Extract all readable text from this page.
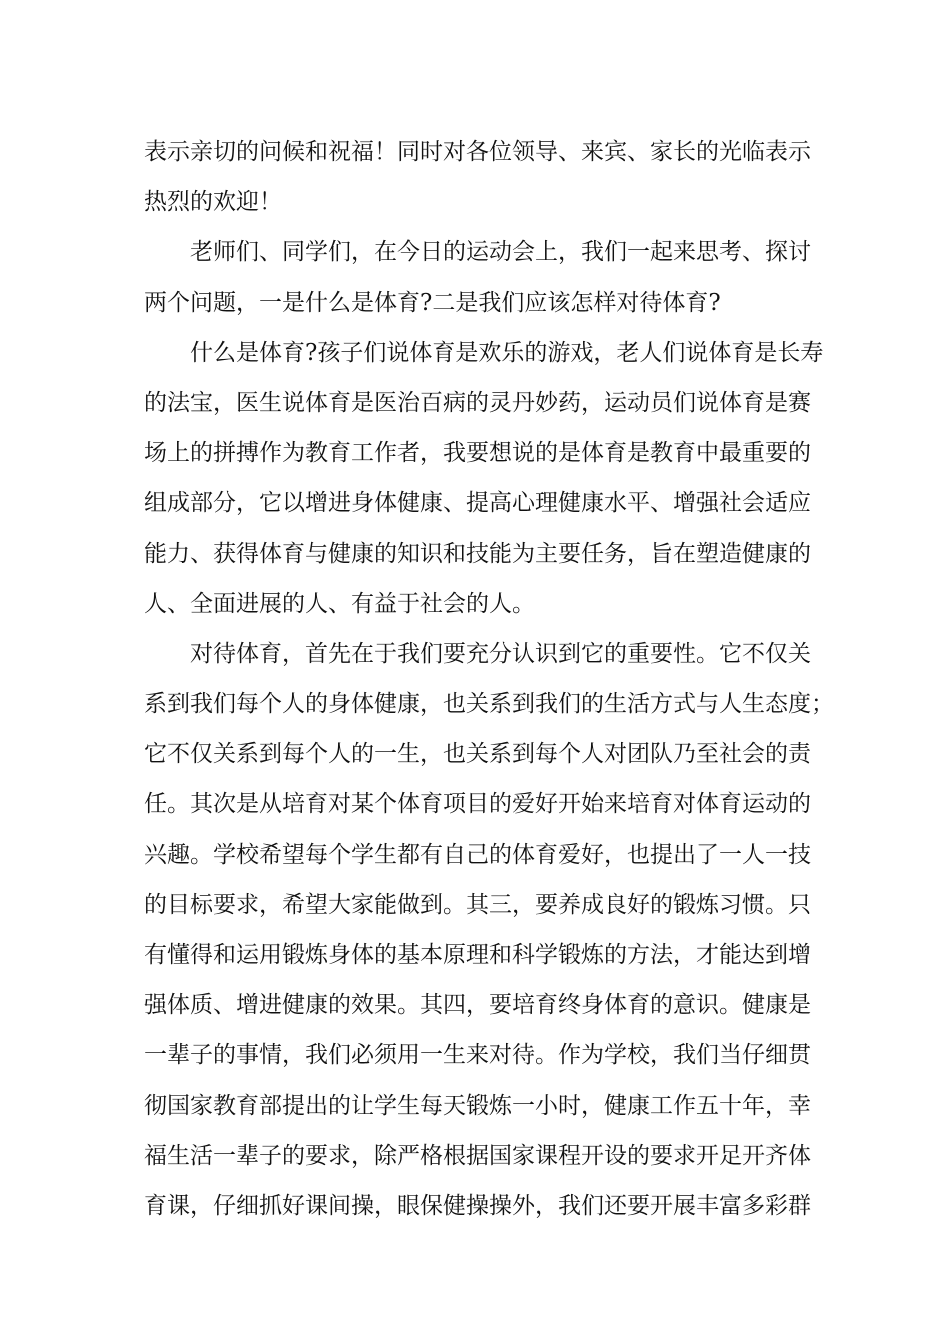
表示亲切的问候和祝福！同时对各位领导、来宾、家长的光临表示
热烈的欢迎！
老师们、同学们，在今日的运动会上，我们一起来思考、探讨
两个问题，一是什么是体育?二是我们应该怎样对待体育?
什么是体育?孩子们说体育是欢乐的游戏，老人们说体育是长寿
的法宝，医生说体育是医治百病的灵丹妙药，运动员们说体育是赛
场上的拼搏作为教育工作者，我要想说的是体育是教育中最重要的
组成部分，它以增进身体健康、提高心理健康水平、增强社会适应
能力、获得体育与健康的知识和技能为主要任务，旨在塑造健康的
人、全面进展的人、有益于社会的人。
对待体育，首先在于我们要充分认识到它的重要性。它不仅关
系到我们每个人的身体健康，也关系到我们的生活方式与人生态度；
它不仅关系到每个人的一生，也关系到每个人对团队乃至社会的责
任。其次是从培育对某个体育项目的爱好开始来培育对体育运动的
兴趣。学校希望每个学生都有自己的体育爱好，也提出了一人一技
的目标要求，希望大家能做到。其三，要养成良好的锻炼习惯。只
有懂得和运用锻炼身体的基本原理和科学锻炼的方法，才能达到增
强体质、增进健康的效果。其四，要培育终身体育的意识。健康是
一辈子的事情，我们必须用一生来对待。作为学校，我们当仔细贯
彻国家教育部提出的让学生每天锻炼一小时，健康工作五十年，幸
福生活一辈子的要求，除严格根据国家课程开设的要求开足开齐体
育课，仔细抓好课间操，眼保健操操外，我们还要开展丰富多彩群
